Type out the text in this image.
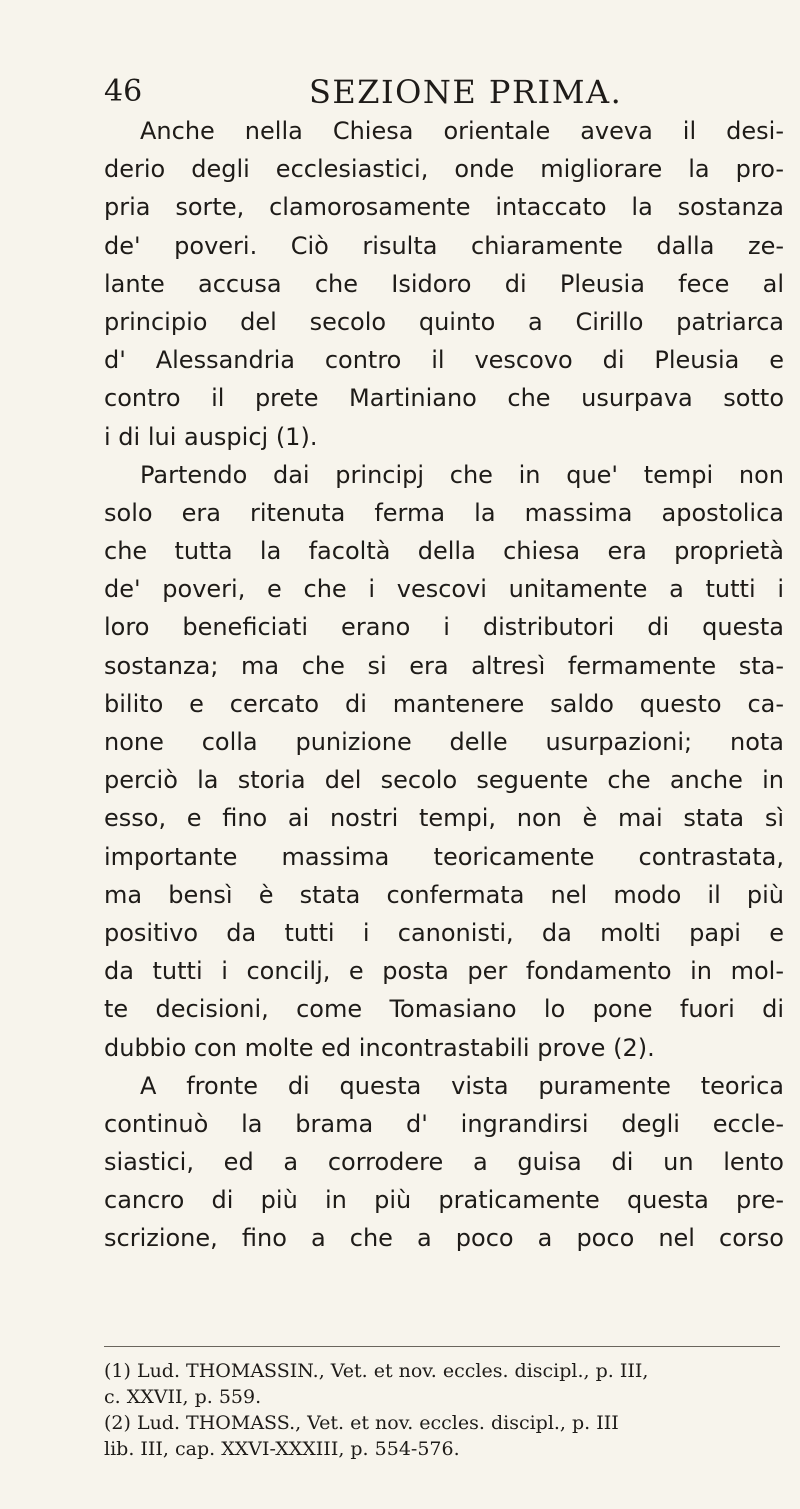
46	SEZIONE PRIMA.
Anche nella Chiesa orientale aveva il desi-
derio degli ecclesiastici, onde migliorare la pro-
pria sorte, clamorosamente intaccato la sostanza
de' poveri. Ciò risulta chiaramente dalla ze-
lante accusa che Isidoro di Pleusia fece al
principio del secolo quinto a Cirillo patriarca
d' Alessandria contro il vescovo di Pleusia e
contro il prete Martiniano che usurpava sotto
i di lui auspicj (1).
Partendo dai principj che in que' tempi non
solo era ritenuta ferma la massima apostolica
che tutta la facoltà della chiesa era proprietà
de' poveri, e che i vescovi unitamente a tutti i
loro beneficiati erano i distributori di questa
sostanza; ma che si era altresì fermamente sta-
bilito e cercato di mantenere saldo questo ca-
none colla punizione delle usurpazioni; nota
perciò la storia del secolo seguente che anche in
esso, e fino ai nostri tempi, non è mai stata sì
importante massima teoricamente contrastata,
ma bensì è stata confermata nel modo il più
positivo da tutti i canonisti, da molti papi e
da tutti i concilj, e posta per fondamento in mol-
te decisioni, come Tomasiano lo pone fuori di
dubbio con molte ed incontrastabili prove (2).
A fronte di questa vista puramente teorica
continuò la brama d' ingrandirsi degli eccle-
siastici, ed a corrodere a guisa di un lento
cancro di più in più praticamente questa pre-
scrizione, fino a che a poco a poco nel corso
(1) Lud. THOMASSIN., Vet. et nov. eccles. discipl., p. III,
c. XXVII, p. 559.
(2) Lud. THOMASS., Vet. et nov. eccles. discipl., p. III
lib. III, cap. XXVI-XXXIII, p. 554-576.
